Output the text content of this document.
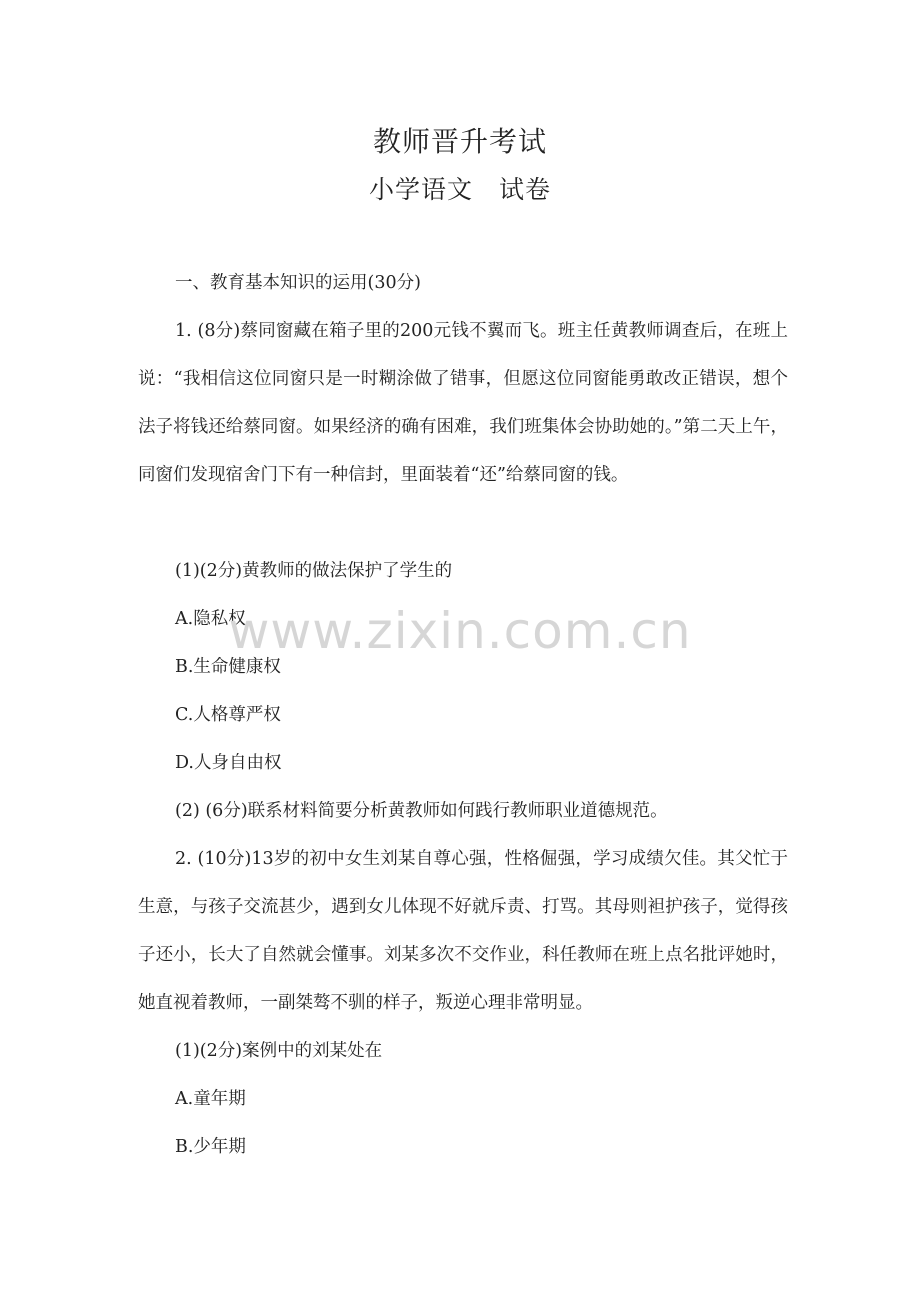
教师晋升考试
小学语文 试卷
一、教育基本知识的运用(30分)
1. (8分)蔡同窗藏在箱子里的200元钱不翼而飞。班主任黄教师调查后，在班上说：“我相信这位同窗只是一时糊涂做了错事，但愿这位同窗能勇敢改正错误，想个法子将钱还给蔡同窗。如果经济的确有困难，我们班集体会协助她的。”第二天上午，同窗们发现宿舍门下有一种信封，里面装着“还”给蔡同窗的钱。
(1)(2分)黄教师的做法保护了学生的
A.隐私权
B.生命健康权
C.人格尊严权
D.人身自由权
(2) (6分)联系材料简要分析黄教师如何践行教师职业道德规范。
2. (10分)13岁的初中女生刘某自尊心强，性格倔强，学习成绩欠佳。其父忙于生意，与孩子交流甚少，遇到女儿体现不好就斥责、打骂。其母则袒护孩子，觉得孩子还小，长大了自然就会懂事。刘某多次不交作业，科任教师在班上点名批评她时，她直视着教师，一副桀骜不驯的样子，叛逆心理非常明显。
(1)(2分)案例中的刘某处在
A.童年期
B.少年期
www.zixin.com.cn
